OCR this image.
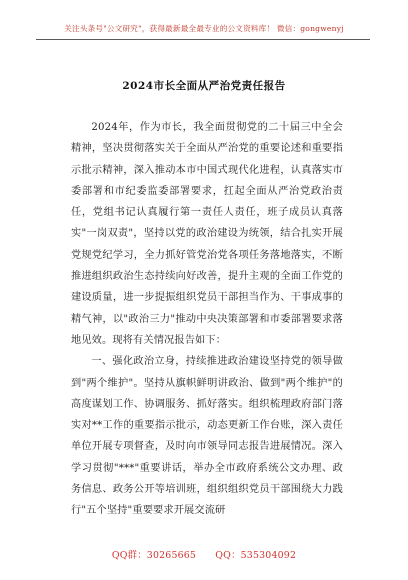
关注头条号"公文研究"，获得最新最全最专业的公文资料库！ 微信：gongwenyj
2024市长全面从严治党责任报告

2024年，作为市长，我全面贯彻党的二十届三中全会精神，坚决贯彻落实关于全面从严治党的重要论述和重要指示批示精神，深入推动本市中国式现代化进程，认真落实市委部署和市纪委监委部署要求，扛起全面从严治党政治责任，党组书记认真履行第一责任人责任，班子成员认真落实"一岗双责"，坚持以党的政治建设为统领，结合扎实开展党规党纪学习，全力抓好管党治党各项任务落地落实，不断推进组织政治生态持续向好改善，提升主观的全面工作党的建设质量，进一步提振组织党员干部担当作为、干事成事的精气神，以"政治三力"推动中央决策部署和市委部署要求落地见效。现将有关情况报告如下：

一、强化政治立身，持续推进政治建设坚持党的领导做到"两个维护"。坚持从旗帜鲜明讲政治、做到"两个维护"的高度谋划工作、协调服务、抓好落实。组织梳理政府部门落实对**工作的重要指示批示，动态更新工作台账，深入责任单位开展专项督查，及时向市领导同志报告进展情况。深入学习贯彻"***"重要讲话，举办全市政府系统公文办理、政务信息、政务公开等培训班，组织组织党员干部围绕大力践行"五个坚持"重要要求开展交流研

QQ群：30265665 QQ：535304092
